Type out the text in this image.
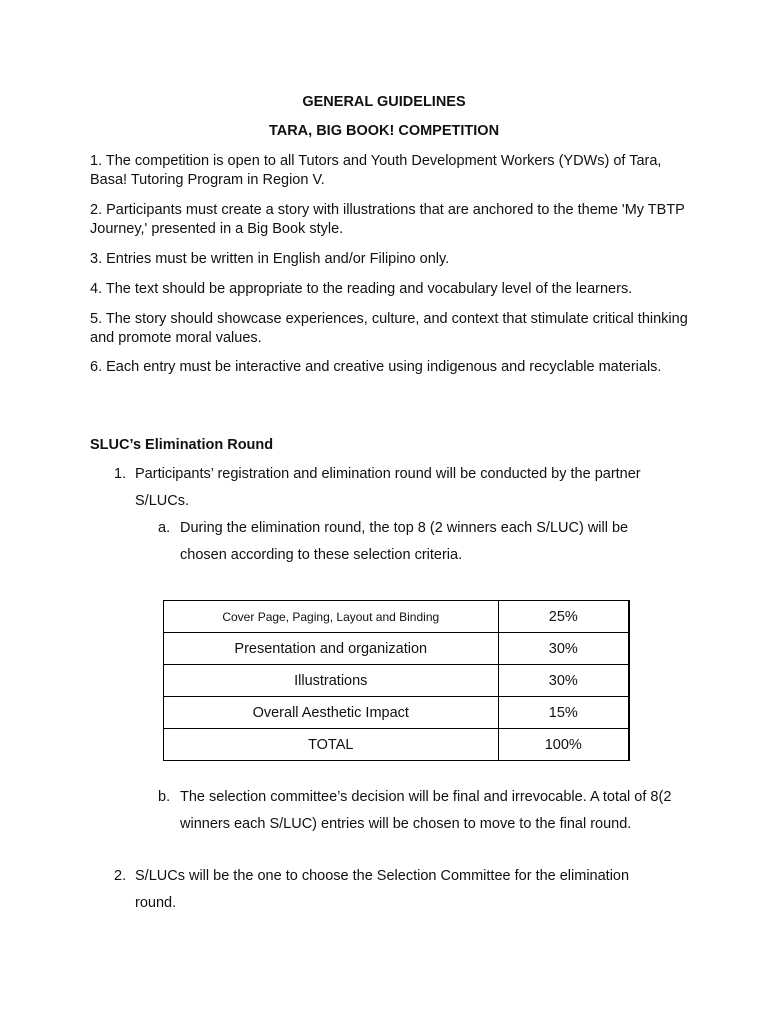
GENERAL GUIDELINES
TARA, BIG BOOK! COMPETITION
1. The competition is open to all Tutors and Youth Development Workers (YDWs) of Tara, Basa! Tutoring Program in Region V.
2. Participants must create a story with illustrations that are anchored to the theme 'My TBTP Journey,' presented in a Big Book style.
3. Entries must be written in English and/or Filipino only.
4. The text should be appropriate to the reading and vocabulary level of the learners.
5. The story should showcase experiences, culture, and context that stimulate critical thinking and promote moral values.
6. Each entry must be interactive and creative using indigenous and recyclable materials.
SLUC’s Elimination Round
1. Participants’ registration and elimination round will be conducted by the partner S/LUCs.
a. During the elimination round, the top 8 (2 winners each S/LUC) will be chosen according to these selection criteria.
Cover Page, Paging, Layout and Binding	25%
Presentation and organization	30%
Illustrations	30%
Overall Aesthetic Impact	15%
TOTAL	100%
b. The selection committee’s decision will be final and irrevocable. A total of 8(2 winners each S/LUC) entries will be chosen to move to the final round.
2. S/LUCs will be the one to choose the Selection Committee for the elimination round.
